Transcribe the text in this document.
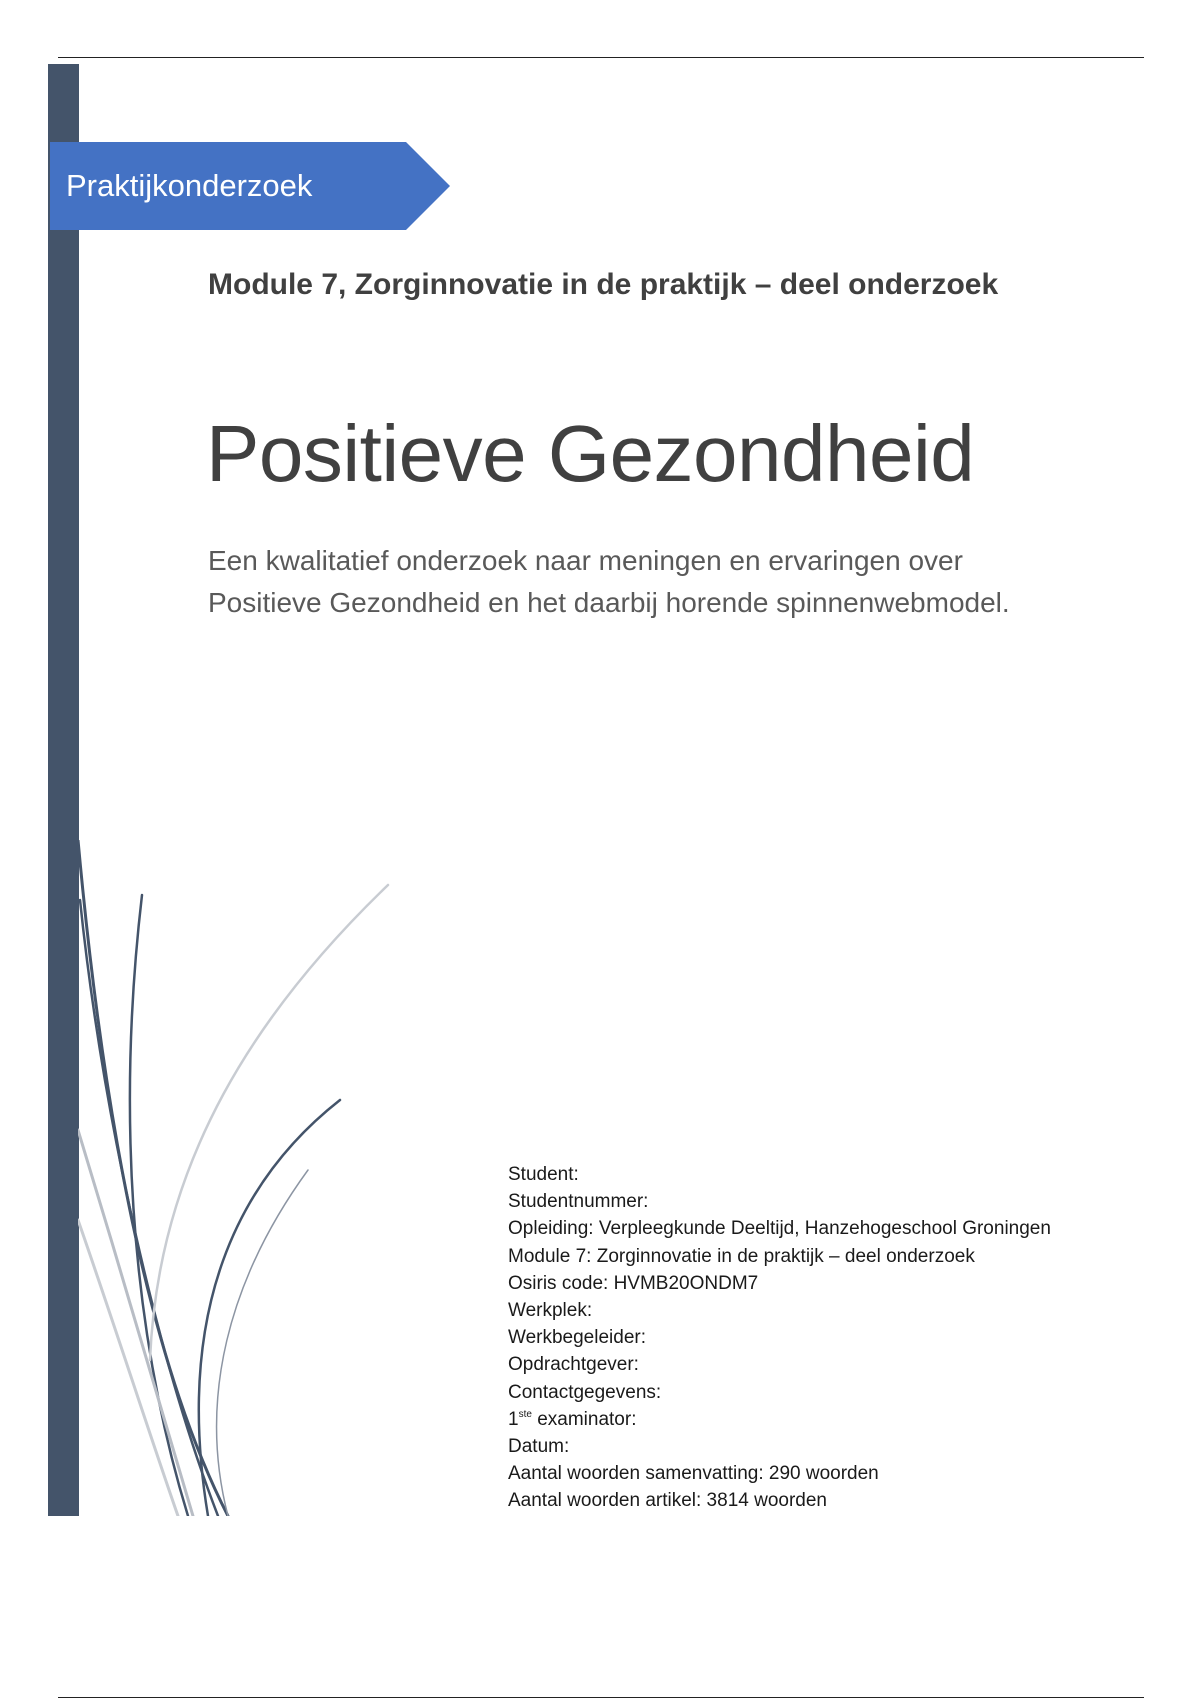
Praktijkonderzoek
Module 7, Zorginnovatie in de praktijk – deel onderzoek
Positieve Gezondheid
Een kwalitatief onderzoek naar meningen en ervaringen over Positieve Gezondheid en het daarbij horende spinnenwebmodel.
Student:
Studentnummer:
Opleiding: Verpleegkunde Deeltijd, Hanzehogeschool Groningen
Module 7: Zorginnovatie in de praktijk – deel onderzoek
Osiris code: HVMB20ONDM7
Werkplek:
Werkbegeleider:
Opdrachtgever:
Contactgegevens:
1ste examinator:
Datum:
Aantal woorden samenvatting: 290 woorden
Aantal woorden artikel: 3814 woorden
